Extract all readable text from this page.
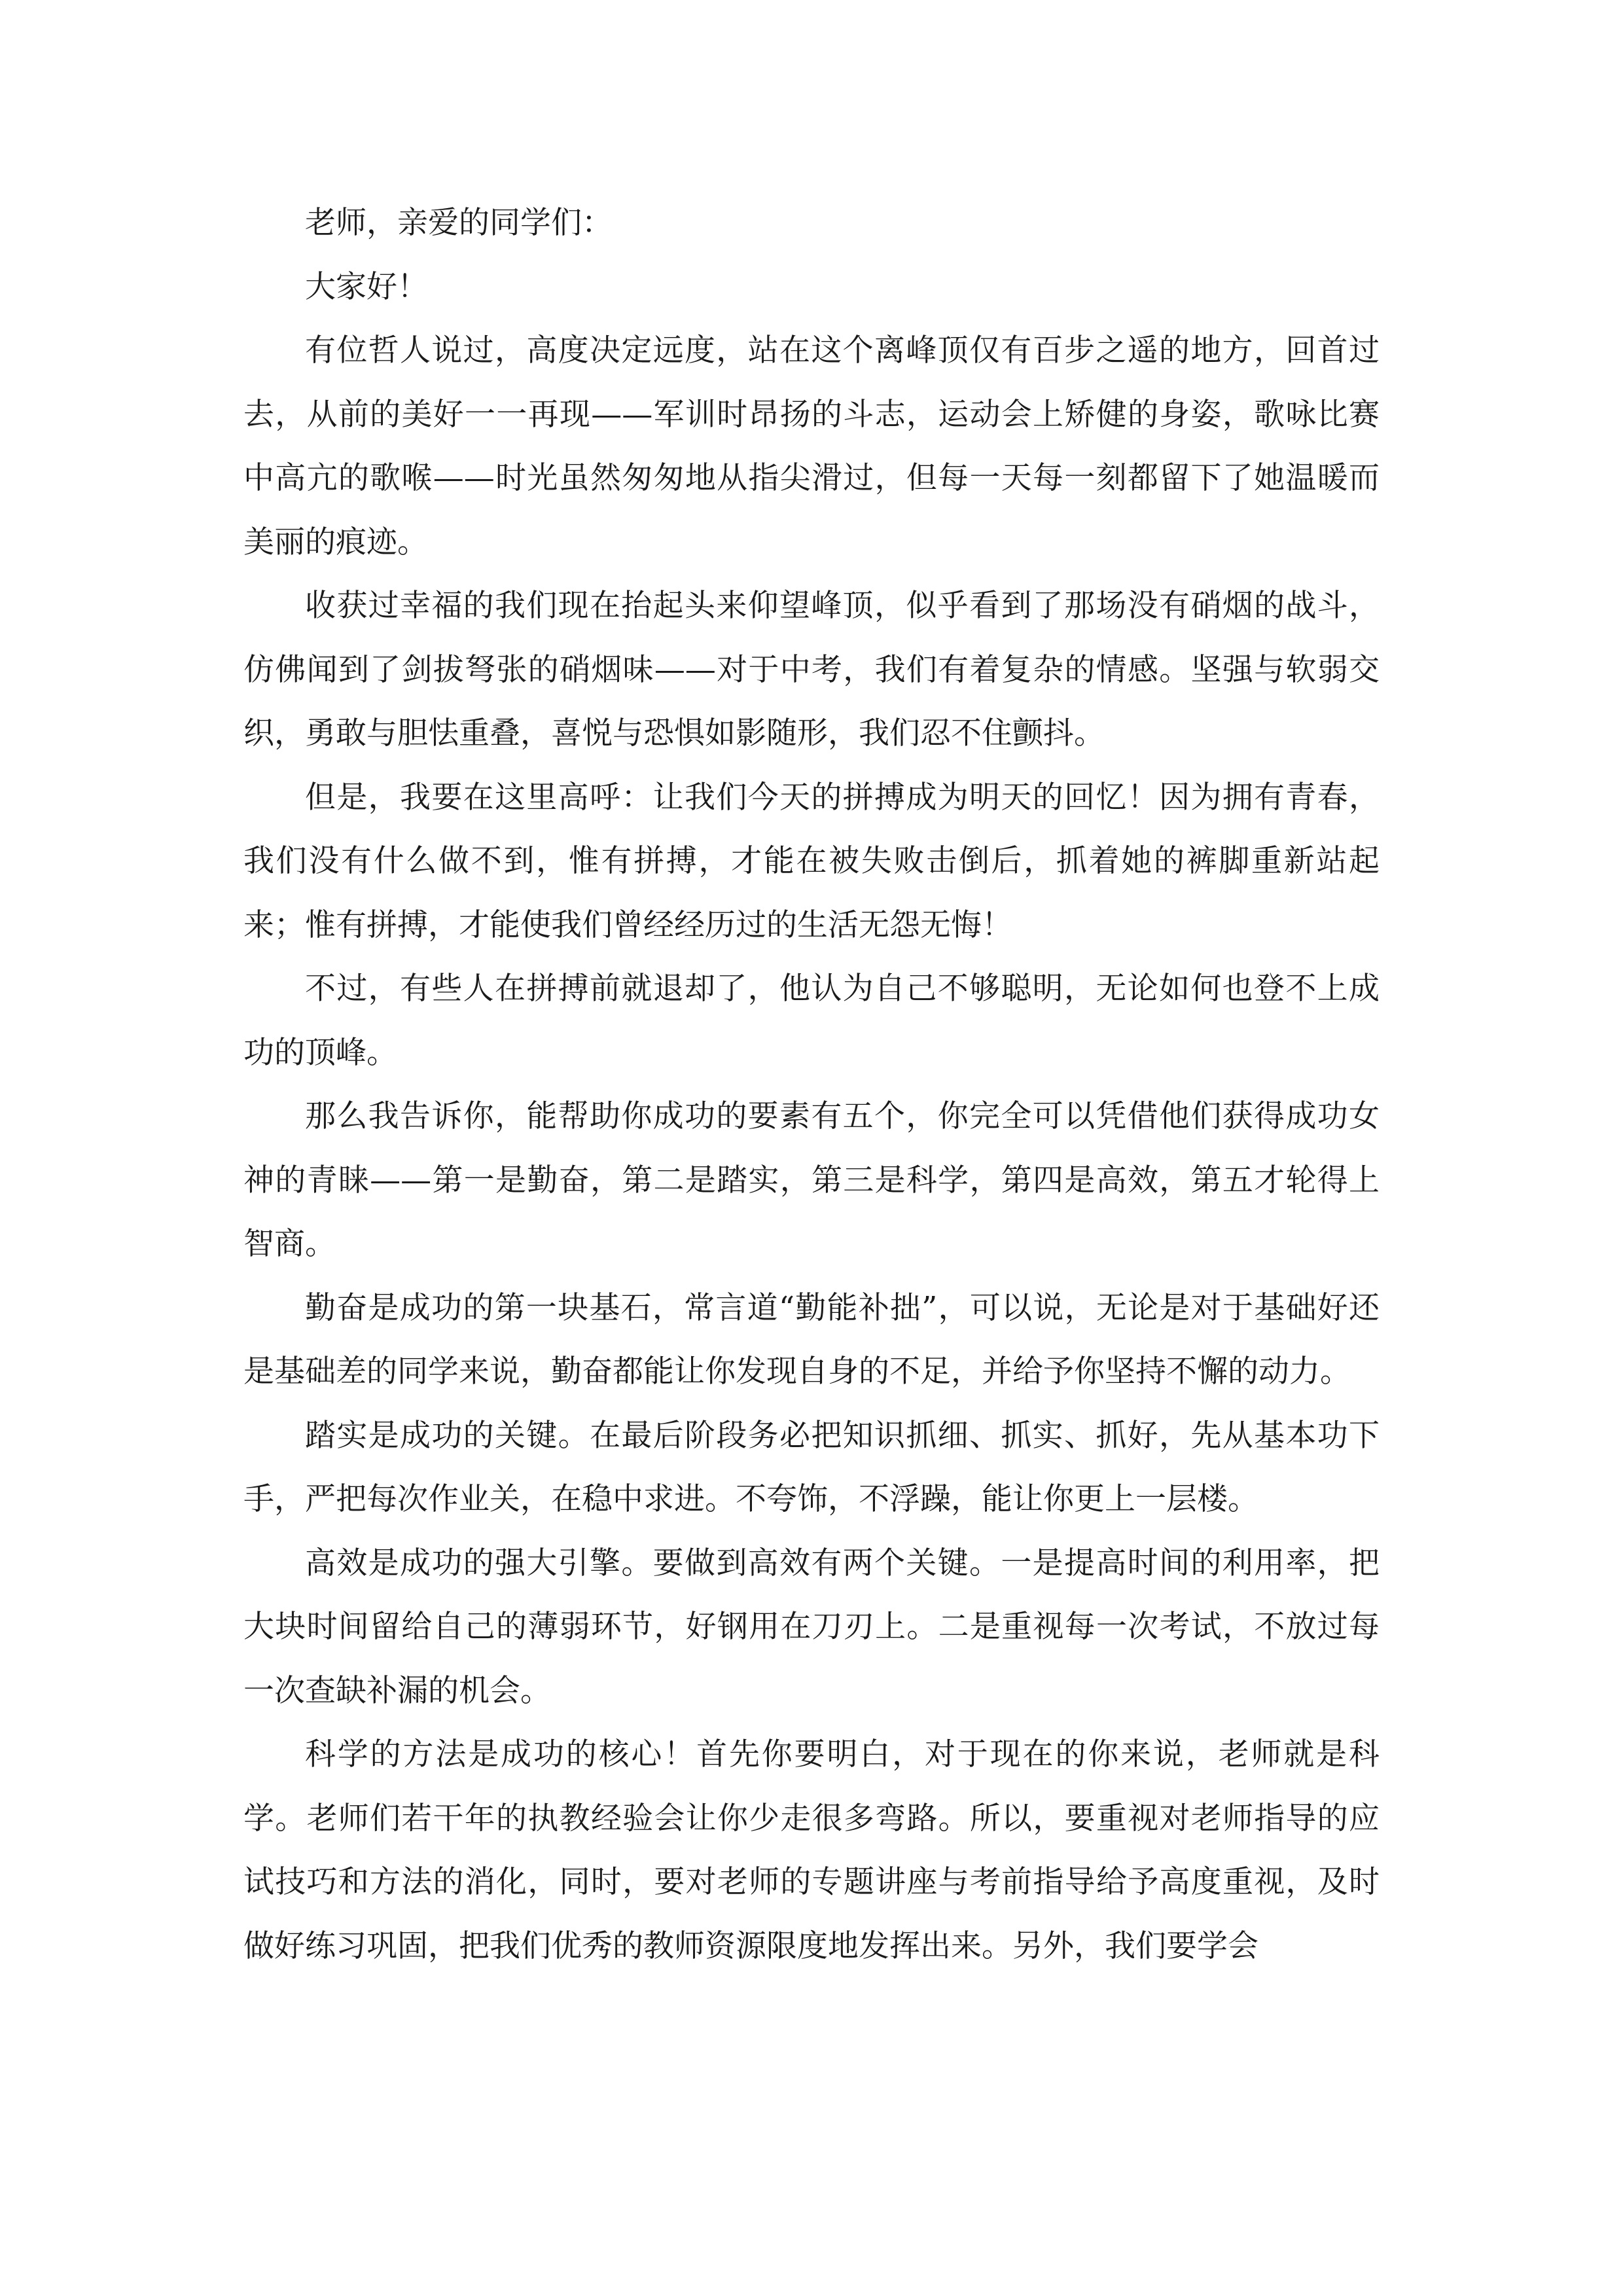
老师，亲爱的同学们：

大家好！

有位哲人说过，高度决定远度，站在这个离峰顶仅有百步之遥的地方，回首过去，从前的美好一一再现——军训时昂扬的斗志，运动会上矫健的身姿，歌咏比赛中高亢的歌喉——时光虽然匆匆地从指尖滑过，但每一天每一刻都留下了她温暖而美丽的痕迹。

收获过幸福的我们现在抬起头来仰望峰顶，似乎看到了那场没有硝烟的战斗，仿佛闻到了剑拔弩张的硝烟味——对于中考，我们有着复杂的情感。坚强与软弱交织，勇敢与胆怯重叠，喜悦与恐惧如影随形，我们忍不住颤抖。

但是，我要在这里高呼：让我们今天的拼搏成为明天的回忆！因为拥有青春，我们没有什么做不到，惟有拼搏，才能在被失败击倒后，抓着她的裤脚重新站起来；惟有拼搏，才能使我们曾经经历过的生活无怨无悔！

不过，有些人在拼搏前就退却了，他认为自己不够聪明，无论如何也登不上成功的顶峰。

那么我告诉你，能帮助你成功的要素有五个，你完全可以凭借他们获得成功女神的青睐——第一是勤奋，第二是踏实，第三是科学，第四是高效，第五才轮得上智商。

勤奋是成功的第一块基石，常言道“勤能补拙”，可以说，无论是对于基础好还是基础差的同学来说，勤奋都能让你发现自身的不足，并给予你坚持不懈的动力。

踏实是成功的关键。在最后阶段务必把知识抓细、抓实、抓好，先从基本功下手，严把每次作业关，在稳中求进。不夸饰，不浮躁，能让你更上一层楼。

高效是成功的强大引擎。要做到高效有两个关键。一是提高时间的利用率，把大块时间留给自己的薄弱环节，好钢用在刀刃上。二是重视每一次考试，不放过每一次查缺补漏的机会。

科学的方法是成功的核心！首先你要明白，对于现在的你来说，老师就是科学。老师们若干年的执教经验会让你少走很多弯路。所以，要重视对老师指导的应试技巧和方法的消化，同时，要对老师的专题讲座与考前指导给予高度重视，及时做好练习巩固，把我们优秀的教师资源限度地发挥出来。另外，我们要学会
